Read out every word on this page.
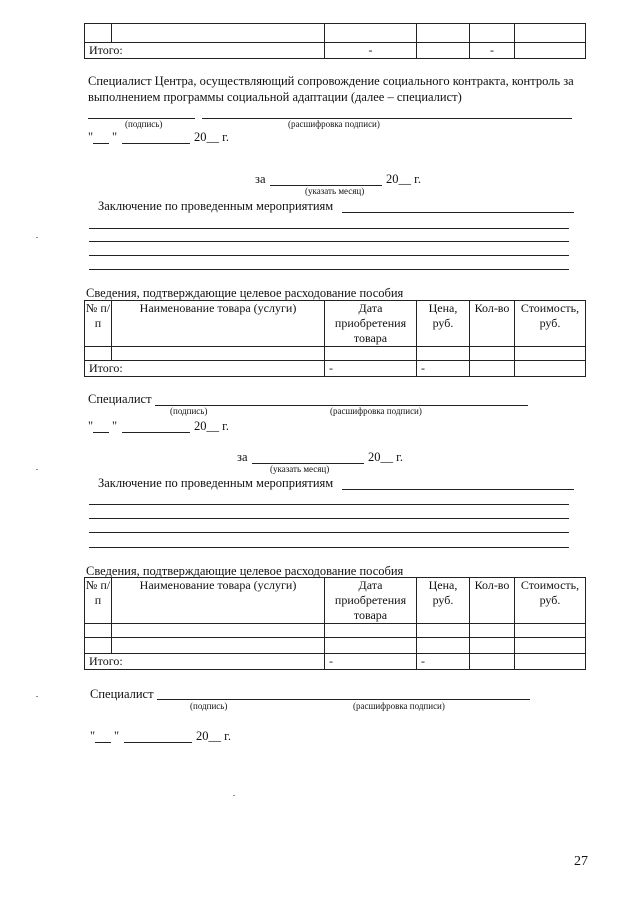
Итого:		-		-	
Специалист Центра, осуществляющий сопровождение социального контракта, контроль за
выполнением программы социальной адаптации (далее – специалист)
(подпись)	(расшифровка подписи)
" "	20__ г.
за	20__ г.
(указать месяц)
Заключение по проведенным мероприятиям
Сведения, подтверждающие целевое расходование пособия
№ п/п	Наименование товара (услуги)	Дата приобретения товара	Цена, руб.	Кол-во	Стоимость, руб.

Итого:		-	-		
Специалист
(подпись)	(расшифровка подписи)
" "	20__ г.
за	20__ г.
(указать месяц)
Заключение по проведенным мероприятиям
Сведения, подтверждающие целевое расходование пособия
№ п/п	Наименование товара (услуги)	Дата приобретения товара	Цена, руб.	Кол-во	Стоимость, руб.

Итого:		-	-		
Специалист
(подпись)	(расшифровка подписи)
" "	20__ г.
27
